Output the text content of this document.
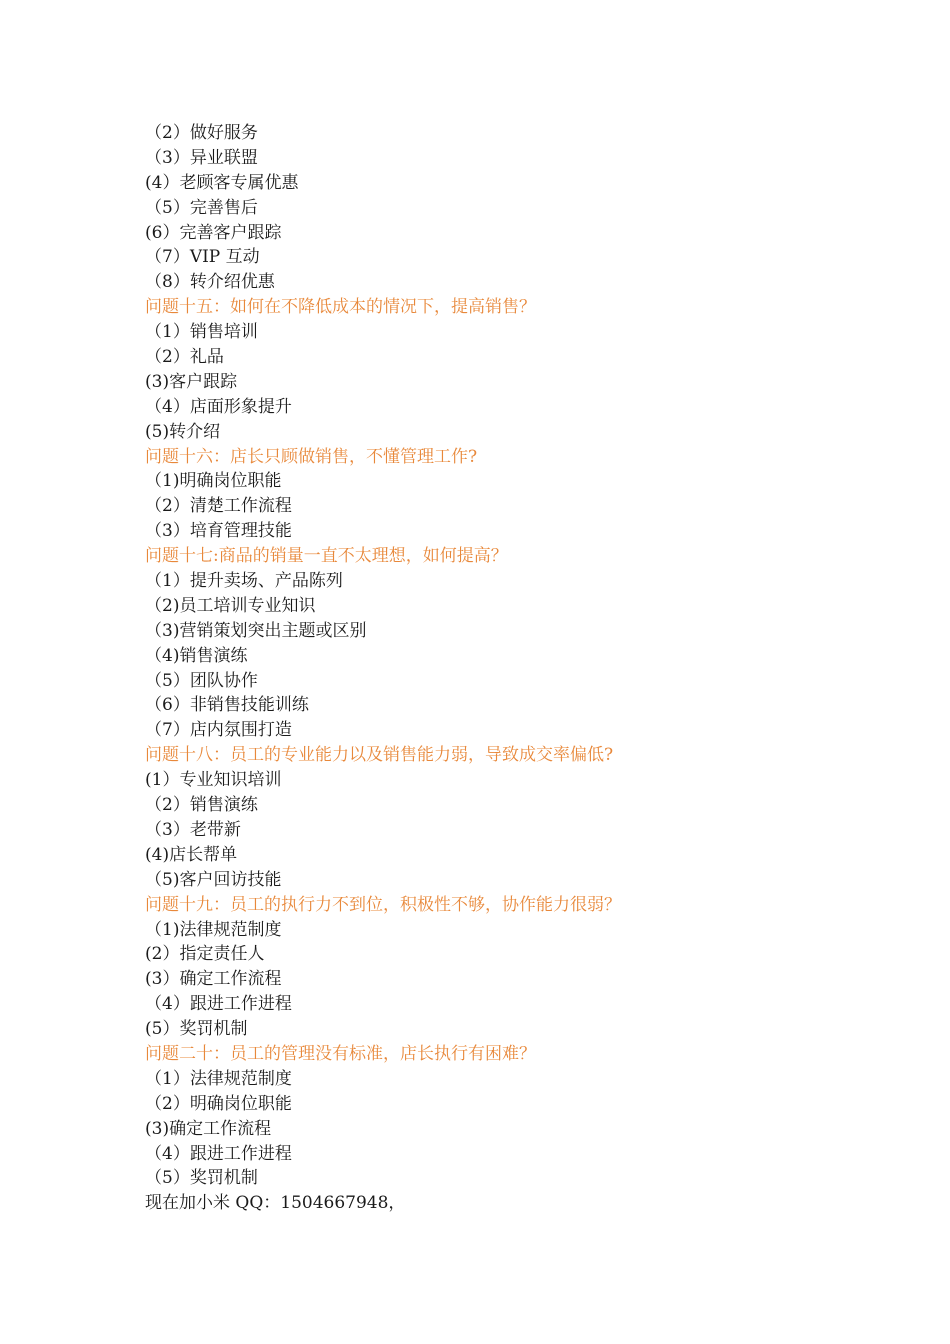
（2）做好服务
（3）异业联盟
(4）老顾客专属优惠
（5）完善售后
(6）完善客户跟踪
（7）VIP 互动
（8）转介绍优惠
问题十五：如何在不降低成本的情况下，提高销售？
（1）销售培训
（2）礼品
(3)客户跟踪
（4）店面形象提升
(5)转介绍
问题十六：店长只顾做销售，不懂管理工作?
（1)明确岗位职能
（2）清楚工作流程
（3）培育管理技能
问题十七:商品的销量一直不太理想，如何提高？
（1）提升卖场、产品陈列
（2)员工培训专业知识
（3)营销策划突出主题或区别
（4)销售演练
（5）团队协作
（6）非销售技能训练
（7）店内氛围打造
问题十八：员工的专业能力以及销售能力弱，导致成交率偏低?
(1）专业知识培训
（2）销售演练
（3）老带新
(4)店长帮单
（5)客户回访技能
问题十九：员工的执行力不到位，积极性不够，协作能力很弱？
（1)法律规范制度
(2）指定责任人
(3）确定工作流程
（4）跟进工作进程
(5）奖罚机制
问题二十：员工的管理没有标准，店长执行有困难？
（1）法律规范制度
（2）明确岗位职能
(3)确定工作流程
（4）跟进工作进程
（5）奖罚机制
现在加小米 QQ：1504667948，
